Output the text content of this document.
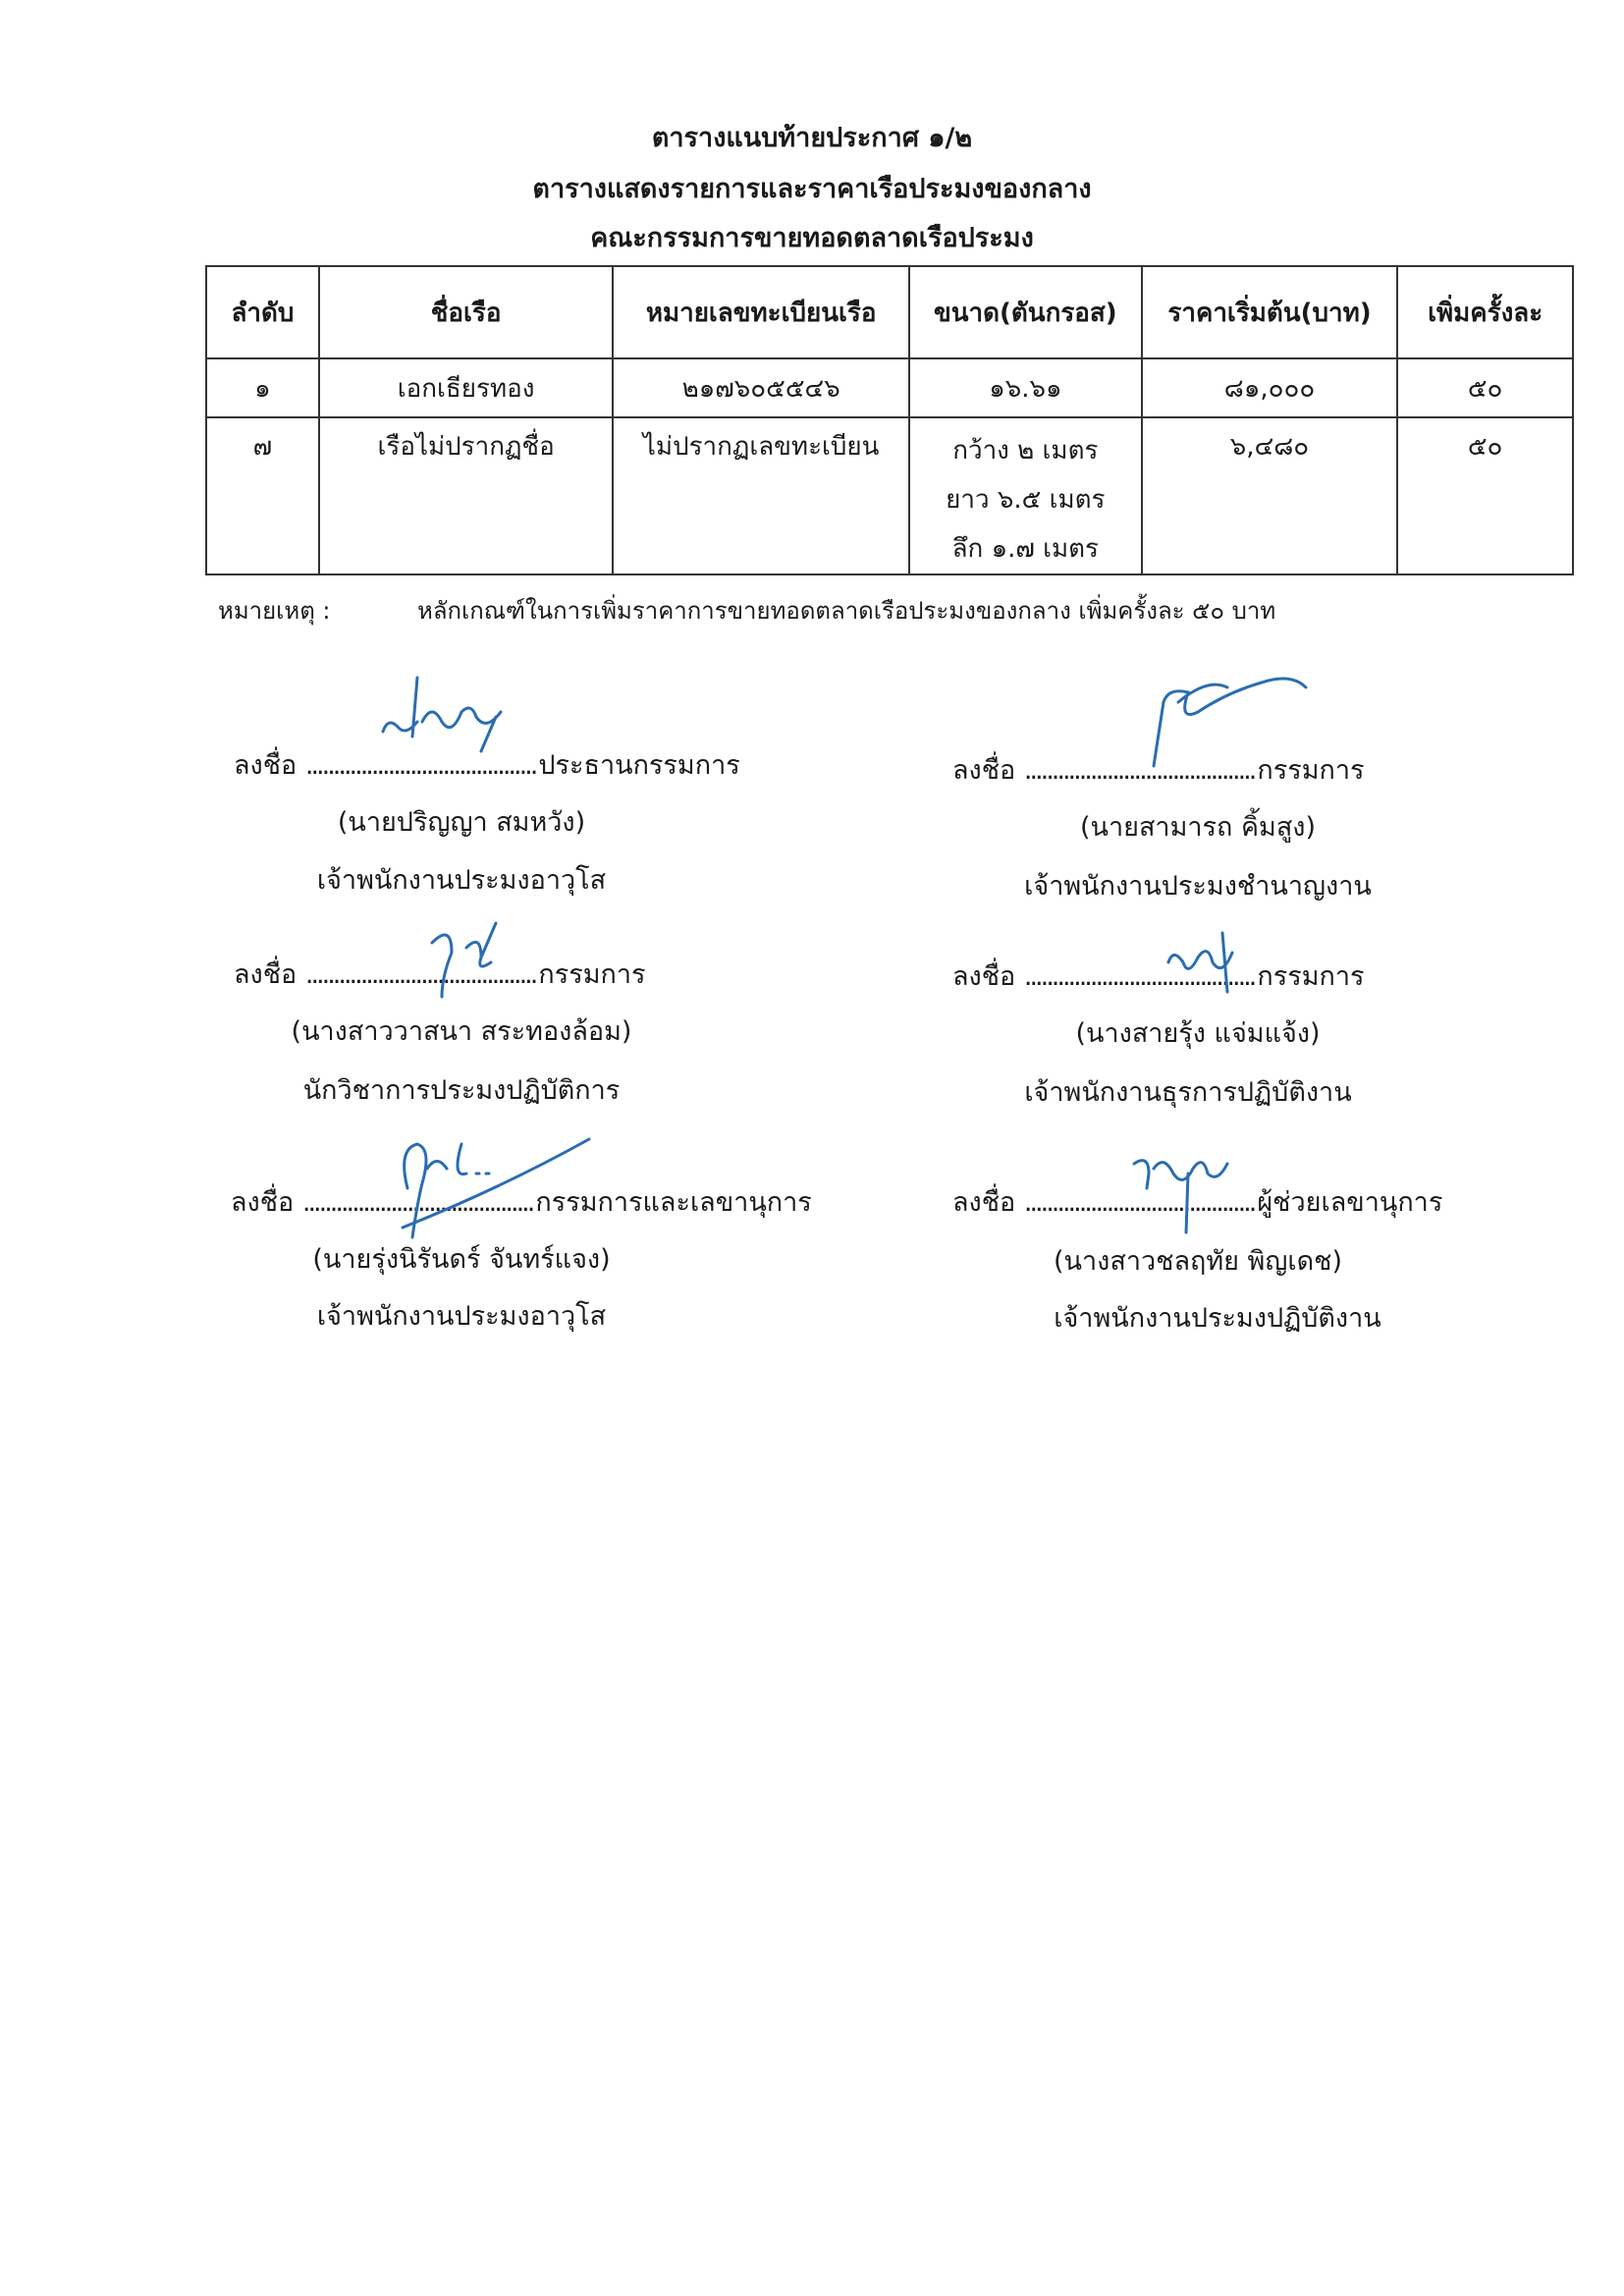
ตารางแนบท้ายประกาศ ๑/๒
ตารางแสดงรายการและราคาเรือประมงของกลาง
คณะกรรมการขายทอดตลาดเรือประมง
ลำดับ	ชื่อเรือ	หมายเลขทะเบียนเรือ	ขนาด(ตันกรอส)	ราคาเริ่มต้น(บาท)	เพิ่มครั้งละ
๑	เอกเธียรทอง	๒๑๗๖๐๕๕๔๖	๑๖.๖๑	๘๑,๐๐๐	๕๐
๗	เรือไม่ปรากฏชื่อ	ไม่ปรากฏเลขทะเบียน	กว้าง ๒ เมตร
ยาว ๖.๕ เมตร
ลึก ๑.๗ เมตร	๖,๔๘๐	๕๐
หมายเหตุ :	หลักเกณฑ์ในการเพิ่มราคาการขายทอดตลาดเรือประมงของกลาง เพิ่มครั้งละ ๕๐ บาท
ลงชื่อ .......................................... ประธานกรรมการ
(นายปริญญา สมหวัง)
เจ้าพนักงานประมงอาวุโส
ลงชื่อ .......................................... กรรมการ
(นายสามารถ คิ้มสูง)
เจ้าพนักงานประมงชำนาญงาน
ลงชื่อ .......................................... กรรมการ
(นางสาววาสนา สระทองล้อม)
นักวิชาการประมงปฏิบัติการ
ลงชื่อ .......................................... กรรมการ
(นางสายรุ้ง แจ่มแจ้ง)
เจ้าพนักงานธุรการปฏิบัติงาน
ลงชื่อ .......................................... กรรมการและเลขานุการ
(นายรุ่งนิรันดร์ จันทร์แจง)
เจ้าพนักงานประมงอาวุโส
ลงชื่อ .......................................... ผู้ช่วยเลขานุการ
(นางสาวชลฤทัย พิญเดช)
เจ้าพนักงานประมงปฏิบัติงาน
